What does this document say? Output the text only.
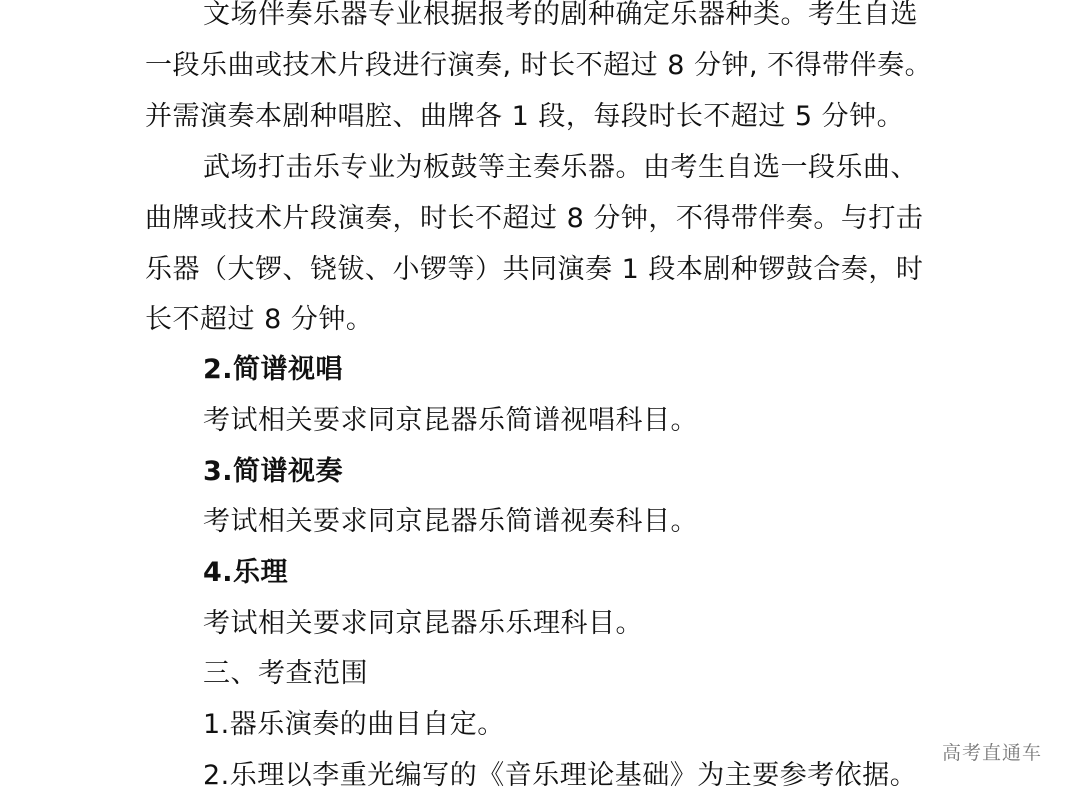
文场伴奏乐器专业根据报考的剧种确定乐器种类。考生自选
一段乐曲或技术片段进行演奏, 时长不超过 8 分钟, 不得带伴奏。
并需演奏本剧种唱腔、曲牌各 1 段，每段时长不超过 5 分钟。
武场打击乐专业为板鼓等主奏乐器。由考生自选一段乐曲、
曲牌或技术片段演奏，时长不超过 8 分钟，不得带伴奏。与打击
乐器（大锣、铙钹、小锣等）共同演奏 1 段本剧种锣鼓合奏，时
长不超过 8 分钟。
2.简谱视唱
考试相关要求同京昆器乐简谱视唱科目。
3.简谱视奏
考试相关要求同京昆器乐简谱视奏科目。
4.乐理
考试相关要求同京昆器乐乐理科目。
三、考查范围
1.器乐演奏的曲目自定。
2.乐理以李重光编写的《音乐理论基础》为主要参考依据。
高考直通车
